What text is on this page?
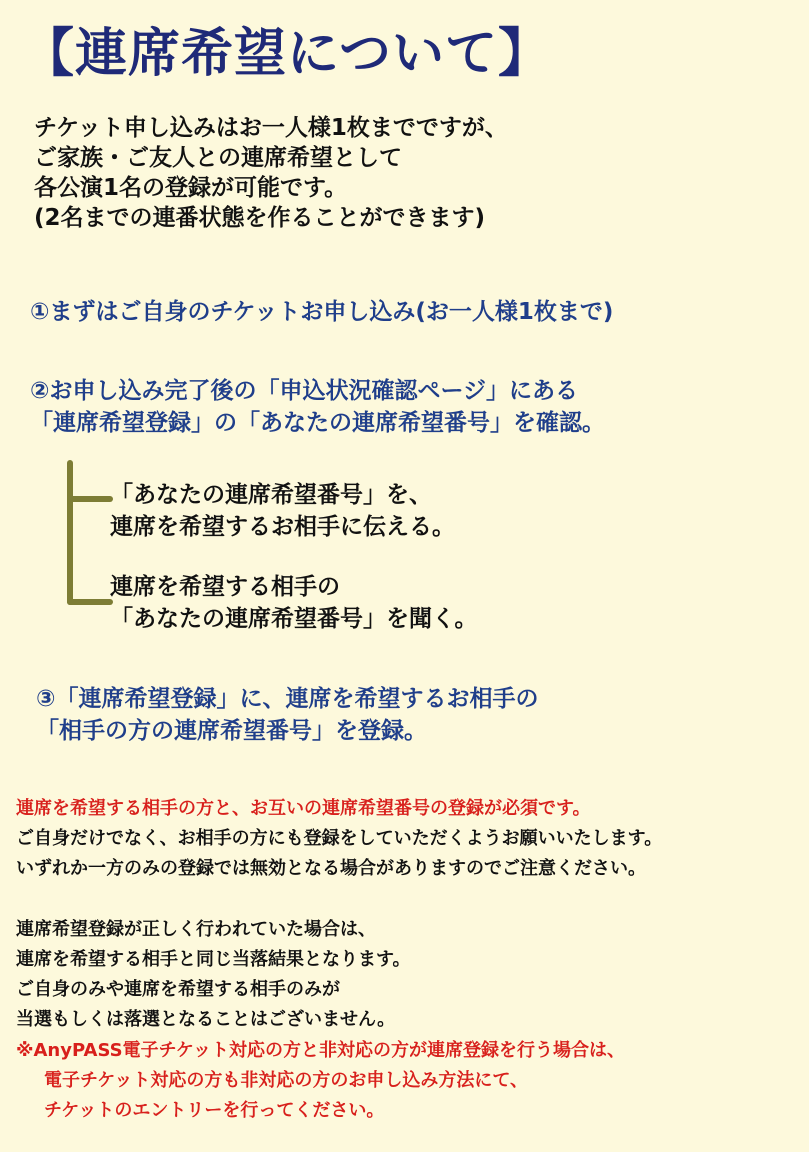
【連席希望について】
チケット申し込みはお一人様1枚までですが、
ご家族・ご友人との連席希望として
各公演1名の登録が可能です。
(2名までの連番状態を作ることができます)
①まずはご自身のチケットお申し込み(お一人様1枚まで)
②お申し込み完了後の「申込状況確認ページ」にある
「連席希望登録」の「あなたの連席希望番号」を確認。
「あなたの連席希望番号」を、
連席を希望するお相手に伝える。
連席を希望する相手の
「あなたの連席希望番号」を聞く。
③「連席希望登録」に、連席を希望するお相手の
「相手の方の連席希望番号」を登録。
連席を希望する相手の方と、お互いの連席希望番号の登録が必須です。
ご自身だけでなく、お相手の方にも登録をしていただくようお願いいたします。
いずれか一方のみの登録では無効となる場合がありますのでご注意ください。
連席希望登録が正しく行われていた場合は、
連席を希望する相手と同じ当落結果となります。
ご自身のみや連席を希望する相手のみが
当選もしくは落選となることはございません。
※AnyPASS電子チケット対応の方と非対応の方が連席登録を行う場合は、
電子チケット対応の方も非対応の方のお申し込み方法にて、
チケットのエントリーを行ってください。
